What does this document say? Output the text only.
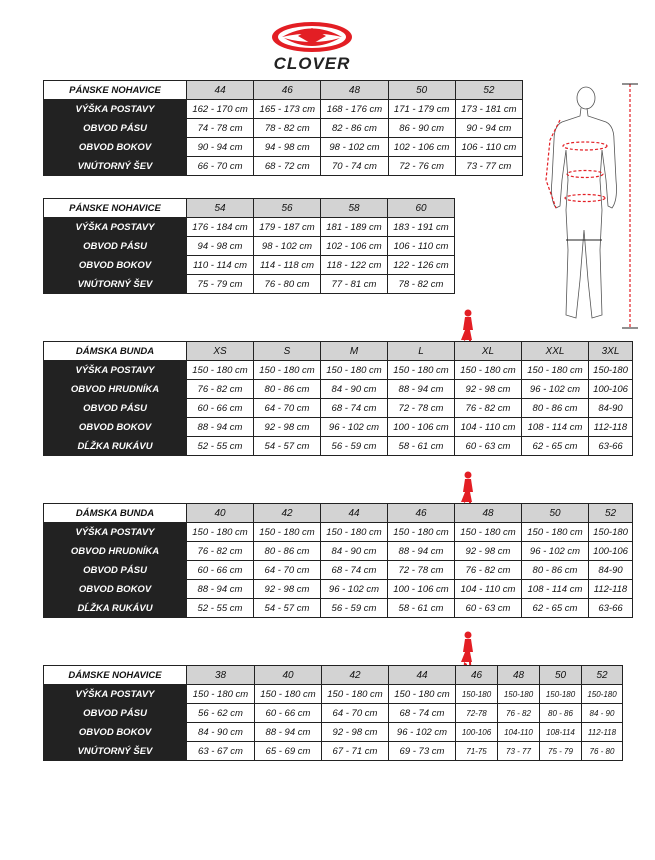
CLOVER
PÁNSKE NOHAVICE	44	46	48	50	52
VÝŠKA POSTAVY	162 - 170 cm	165 - 173 cm	168 - 176 cm	171 - 179 cm	173 - 181 cm
OBVOD PÁSU	74 - 78 cm	78 - 82 cm	82 - 86 cm	86 - 90 cm	90 - 94 cm
OBVOD BOKOV	90 - 94 cm	94 - 98 cm	98 - 102 cm	102 - 106 cm	106 - 110 cm
VNÚTORNÝ ŠEV	66 - 70 cm	68 - 72 cm	70 - 74 cm	72 - 76 cm	73 - 77 cm
PÁNSKE NOHAVICE	54	56	58	60
VÝŠKA POSTAVY	176 - 184 cm	179 - 187 cm	181 - 189 cm	183 - 191 cm
OBVOD PÁSU	94 - 98 cm	98 - 102 cm	102 - 106 cm	106 - 110 cm
OBVOD BOKOV	110 - 114 cm	114 - 118 cm	118 - 122 cm	122 - 126 cm
VNÚTORNÝ ŠEV	75 - 79 cm	76 - 80 cm	77 - 81 cm	78 - 82 cm
DÁMSKA BUNDA	XS	S	M	L	XL	XXL	3XL
VÝŠKA POSTAVY	150 - 180 cm	150 - 180 cm	150 - 180 cm	150 - 180 cm	150 - 180 cm	150 - 180 cm	150-180
OBVOD HRUDNÍKA	76 - 82 cm	80 - 86 cm	84 - 90 cm	88 - 94 cm	92 - 98 cm	96 - 102 cm	100-106
OBVOD PÁSU	60 - 66 cm	64 - 70 cm	68 - 74 cm	72 - 78 cm	76 - 82 cm	80 - 86 cm	84-90
OBVOD BOKOV	88 - 94 cm	92 - 98 cm	96 - 102 cm	100 - 106 cm	104 - 110 cm	108 - 114 cm	112-118
DĹŽKA RUKÁVU	52 - 55 cm	54 - 57 cm	56 - 59 cm	58 - 61 cm	60 - 63 cm	62 - 65 cm	63-66
DÁMSKA BUNDA	40	42	44	46	48	50	52
VÝŠKA POSTAVY	150 - 180 cm	150 - 180 cm	150 - 180 cm	150 - 180 cm	150 - 180 cm	150 - 180 cm	150-180
OBVOD HRUDNÍKA	76 - 82 cm	80 - 86 cm	84 - 90 cm	88 - 94 cm	92 - 98 cm	96 - 102 cm	100-106
OBVOD PÁSU	60 - 66 cm	64 - 70 cm	68 - 74 cm	72 - 78 cm	76 - 82 cm	80 - 86 cm	84-90
OBVOD BOKOV	88 - 94 cm	92 - 98 cm	96 - 102 cm	100 - 106 cm	104 - 110 cm	108 - 114 cm	112-118
DĹŽKA RUKÁVU	52 - 55 cm	54 - 57 cm	56 - 59 cm	58 - 61 cm	60 - 63 cm	62 - 65 cm	63-66
DÁMSKE NOHAVICE	38	40	42	44	46	48	50	52
VÝŠKA POSTAVY	150 - 180 cm	150 - 180 cm	150 - 180 cm	150 - 180 cm	150-180	150-180	150-180	150-180
OBVOD PÁSU	56 - 62 cm	60 - 66 cm	64 - 70 cm	68 - 74 cm	72-78	76 - 82	80 - 86	84 - 90
OBVOD BOKOV	84 - 90 cm	88 - 94 cm	92 - 98 cm	96 - 102 cm	100-106	104-110	108-114	112-118
VNÚTORNÝ ŠEV	63 - 67 cm	65 - 69 cm	67 - 71 cm	69 - 73 cm	71-75	73 - 77	75 - 79	76 - 80
